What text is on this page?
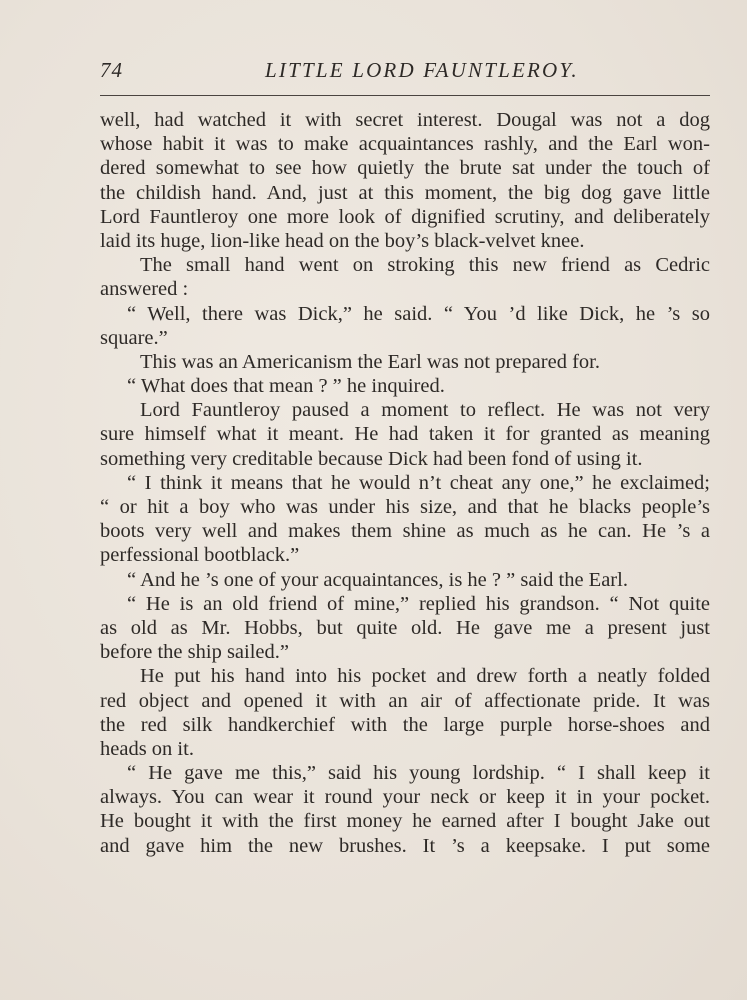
74	LITTLE LORD FAUNTLEROY.
well, had watched it with secret interest. Dougal was not a dog
whose habit it was to make acquaintances rashly, and the Earl won-
dered somewhat to see how quietly the brute sat under the touch of
the childish hand. And, just at this moment, the big dog gave little
Lord Fauntleroy one more look of dignified scrutiny, and deliberately
laid its huge, lion-like head on the boy’s black-velvet knee.
The small hand went on stroking this new friend as Cedric
answered :
“ Well, there was Dick,” he said. “ You ’d like Dick, he ’s so
square.”
This was an Americanism the Earl was not prepared for.
“ What does that mean ? ” he inquired.
Lord Fauntleroy paused a moment to reflect. He was not very
sure himself what it meant. He had taken it for granted as meaning
something very creditable because Dick had been fond of using it.
“ I think it means that he would n’t cheat any one,” he exclaimed;
“ or hit a boy who was under his size, and that he blacks people’s
boots very well and makes them shine as much as he can. He ’s a
perfessional bootblack.”
“ And he ’s one of your acquaintances, is he ? ” said the Earl.
“ He is an old friend of mine,” replied his grandson. “ Not quite
as old as Mr. Hobbs, but quite old. He gave me a present just
before the ship sailed.”
He put his hand into his pocket and drew forth a neatly folded
red object and opened it with an air of affectionate pride. It was
the red silk handkerchief with the large purple horse-shoes and
heads on it.
“ He gave me this,” said his young lordship. “ I shall keep it
always. You can wear it round your neck or keep it in your pocket.
He bought it with the first money he earned after I bought Jake out
and gave him the new brushes. It ’s a keepsake. I put some
